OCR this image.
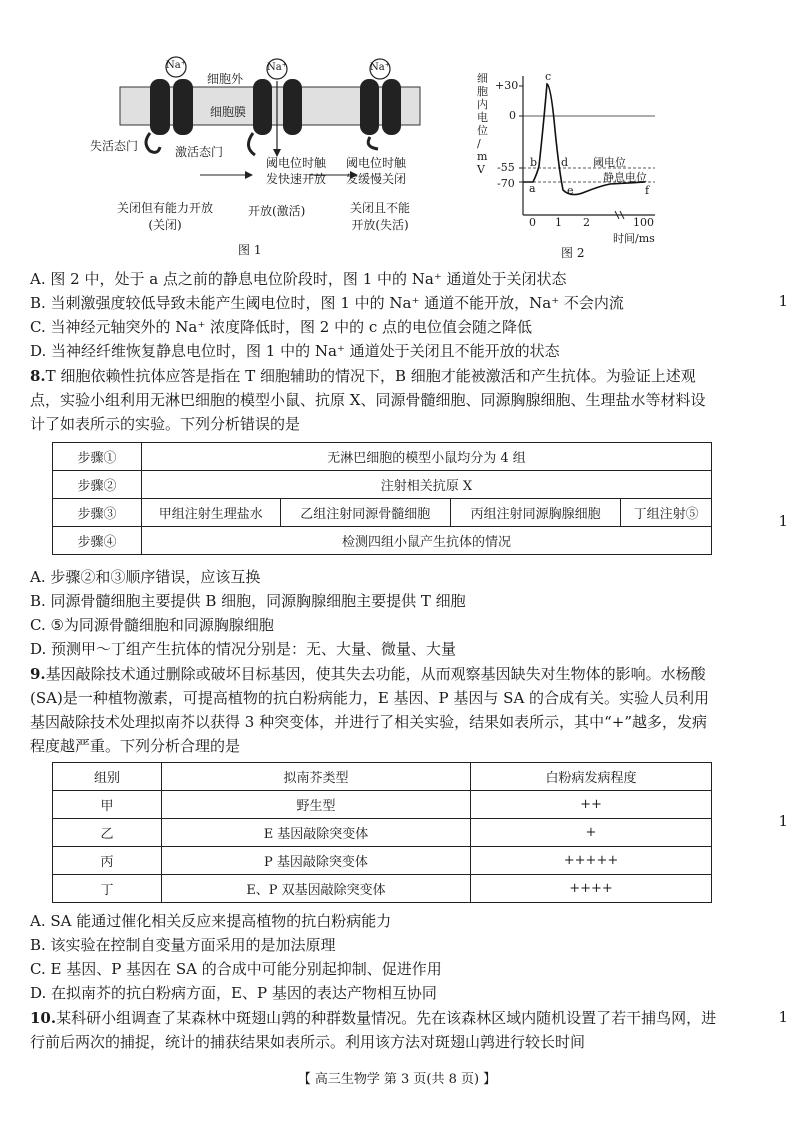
Na⁺	Na⁺	Na⁺
细胞外
细胞膜
失活态门	激活态门
阈电位时触
发快速开放
阈电位时触
发缓慢关闭
关闭但有能力开放
(关闭)
开放(激活)	关闭且不能
开放(失活)
图 1
细
胞
内
电
位
/
m
V
+30
0
-55
-70 a
b
c
d
e	f
阈电位
静息电位
0 1 2	100
时间/ms
图 2
A. 图 2 中，处于 a 点之前的静息电位阶段时，图 1 中的 Na⁺ 通道处于关闭状态
B. 当刺激强度较低导致未能产生阈电位时，图 1 中的 Na⁺ 通道不能开放，Na⁺ 不会内流
C. 当神经元轴突外的 Na⁺ 浓度降低时，图 2 中的 c 点的电位值会随之降低
D. 当神经纤维恢复静息电位时，图 1 中的 Na⁺ 通道处于关闭且不能开放的状态
8.T 细胞依赖性抗体应答是指在 T 细胞辅助的情况下，B 细胞才能被激活和产生抗体。为验证上述观点，实验小组利用无淋巴细胞的模型小鼠、抗原 X、同源骨髓细胞、同源胸腺细胞、生理盐水等材料设计了如表所示的实验。下列分析错误的是
步骤①	无淋巴细胞的模型小鼠均分为 4 组			
步骤②	注射相关抗原 X			
步骤③	甲组注射生理盐水	乙组注射同源骨髓细胞	丙组注射同源胸腺细胞	丁组注射⑤
步骤④	检测四组小鼠产生抗体的情况			
A. 步骤②和③顺序错误，应该互换
B. 同源骨髓细胞主要提供 B 细胞，同源胸腺细胞主要提供 T 细胞
C. ⑤为同源骨髓细胞和同源胸腺细胞
D. 预测甲～丁组产生抗体的情况分别是：无、大量、微量、大量
9.基因敲除技术通过删除或破坏目标基因，使其失去功能，从而观察基因缺失对生物体的影响。水杨酸(SA)是一种植物激素，可提高植物的抗白粉病能力，E 基因、P 基因与 SA 的合成有关。实验人员利用基因敲除技术处理拟南芥以获得 3 种突变体，并进行了相关实验，结果如表所示，其中“+”越多，发病程度越严重。下列分析合理的是
组别	拟南芥类型	白粉病发病程度
甲	野生型	++
乙	E 基因敲除突变体	+
丙	P 基因敲除突变体	+++++
丁	E、P 双基因敲除突变体	++++
A. SA 能通过催化相关反应来提高植物的抗白粉病能力
B. 该实验在控制自变量方面采用的是加法原理
C. E 基因、P 基因在 SA 的合成中可能分别起抑制、促进作用
D. 在拟南芥的抗白粉病方面，E、P 基因的表达产物相互协同
10.某科研小组调查了某森林中斑翅山鹑的种群数量情况。先在该森林区域内随机设置了若干捕鸟网，进行前后两次的捕捉，统计的捕获结果如表所示。利用该方法对斑翅山鹑进行较长时间
1
1
1
1
【 高三生物学 第 3 页(共 8 页) 】
